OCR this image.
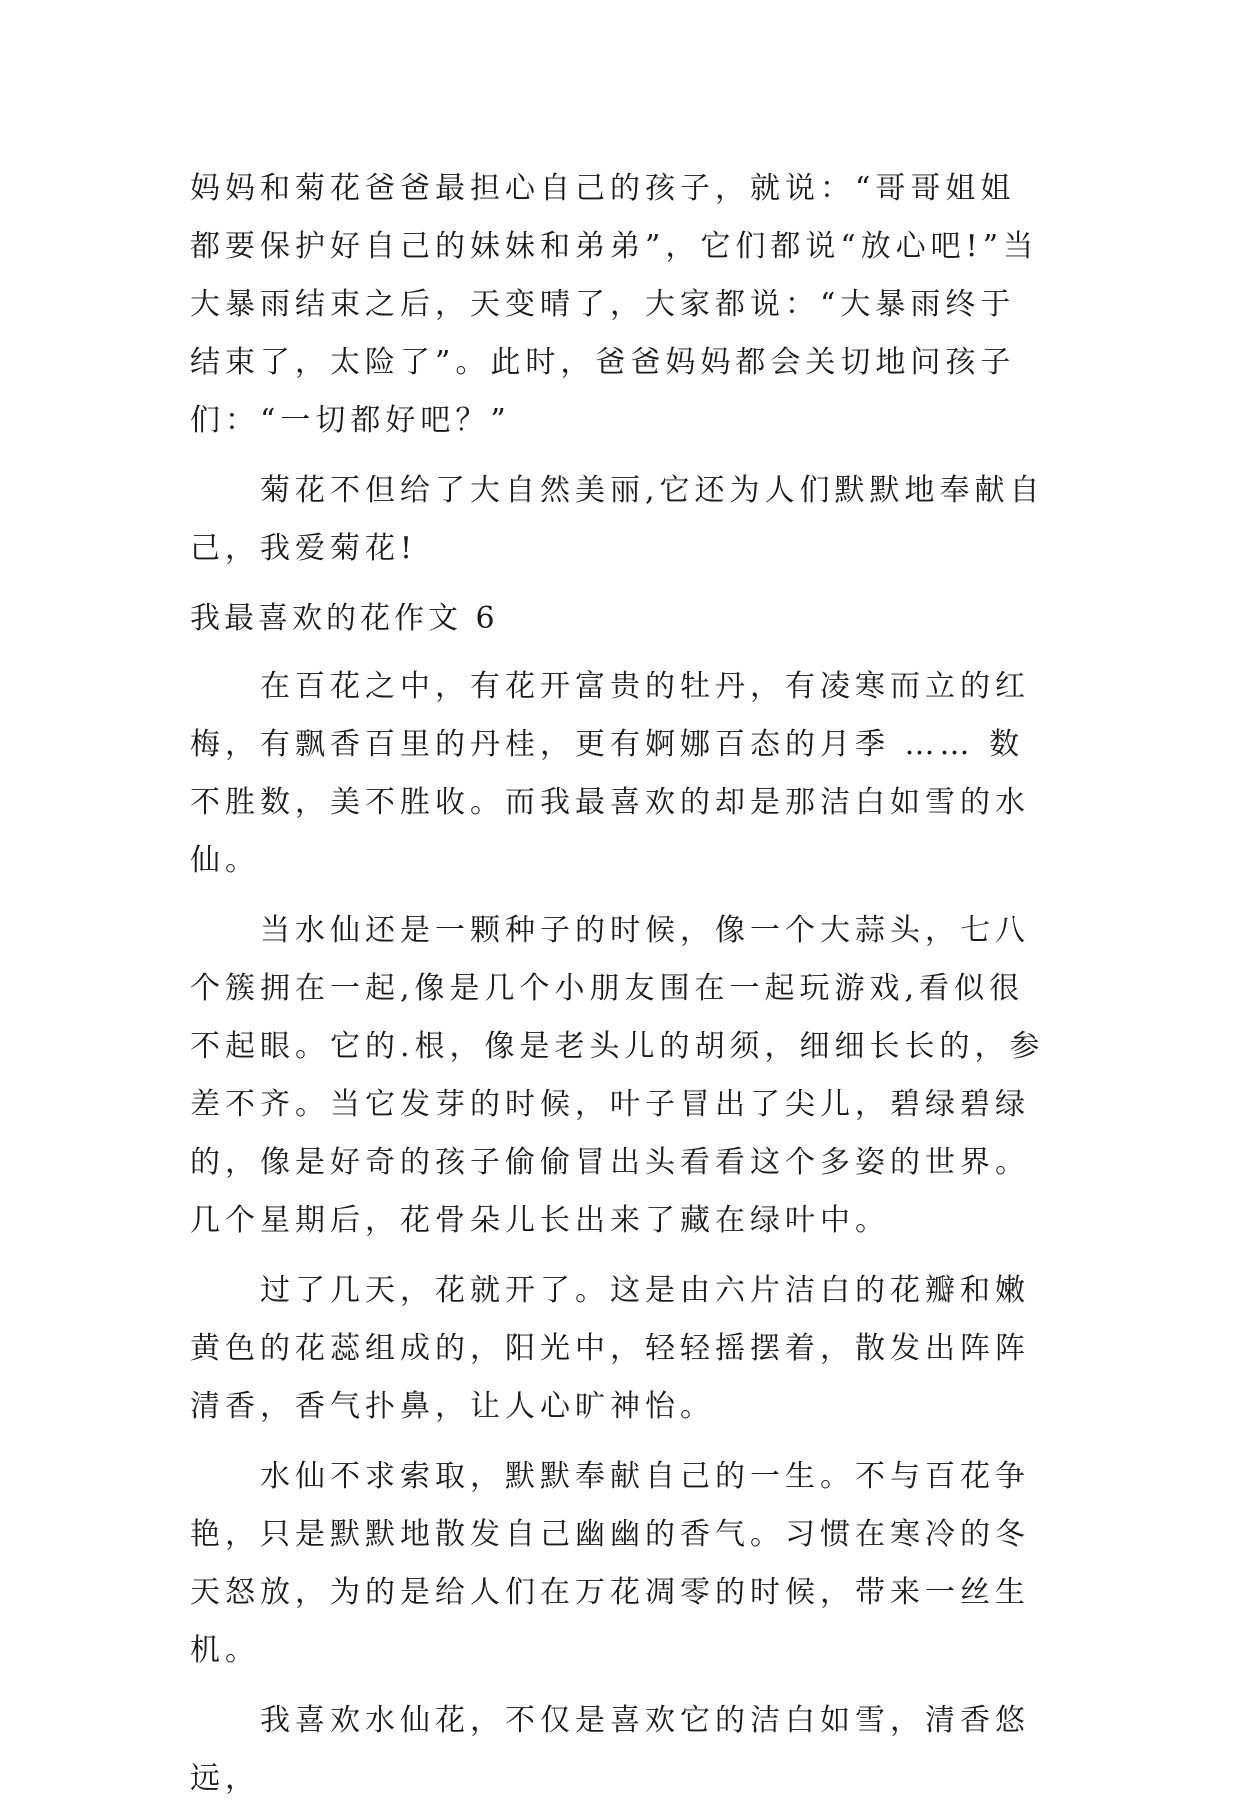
妈妈和菊花爸爸最担心自己的孩子，就说：“哥哥姐姐都要保护好自己的妹妹和弟弟”，它们都说“放心吧!”当大暴雨结束之后，天变晴了，大家都说：“大暴雨终于结束了，太险了”。此时，爸爸妈妈都会关切地问孩子们：“一切都好吧？”

菊花不但给了大自然美丽,它还为人们默默地奉献自己，我爱菊花!

我最喜欢的花作文 6

在百花之中，有花开富贵的牡丹，有凌寒而立的红梅，有飘香百里的丹桂，更有婀娜百态的月季 …… 数不胜数，美不胜收。而我最喜欢的却是那洁白如雪的水仙。

当水仙还是一颗种子的时候，像一个大蒜头，七八个簇拥在一起,像是几个小朋友围在一起玩游戏,看似很不起眼。它的.根，像是老头儿的胡须，细细长长的，参差不齐。当它发芽的时候，叶子冒出了尖儿，碧绿碧绿的，像是好奇的孩子偷偷冒出头看看这个多姿的世界。几个星期后，花骨朵儿长出来了藏在绿叶中。

过了几天，花就开了。这是由六片洁白的花瓣和嫩黄色的花蕊组成的，阳光中，轻轻摇摆着，散发出阵阵清香，香气扑鼻，让人心旷神怡。

水仙不求索取，默默奉献自己的一生。不与百花争艳，只是默默地散发自己幽幽的香气。习惯在寒冷的冬天怒放，为的是给人们在万花凋零的时候，带来一丝生机。

我喜欢水仙花，不仅是喜欢它的洁白如雪，清香悠远，
